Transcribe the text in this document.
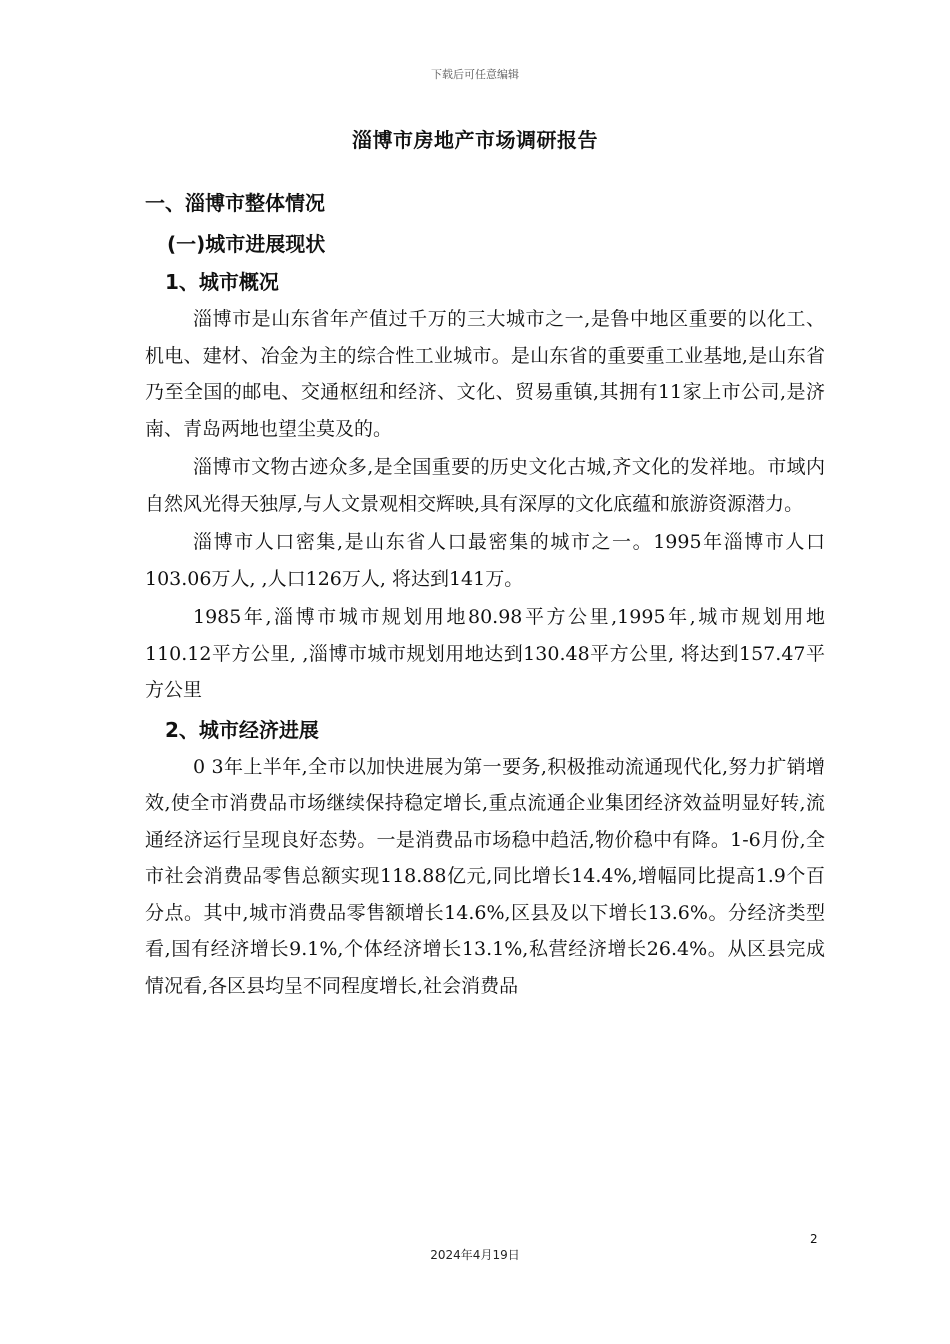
下载后可任意编辑
淄博市房地产市场调研报告
一、淄博市整体情况
(一)城市进展现状
1、城市概况

淄博市是山东省年产值过千万的三大城市之一,是鲁中地区重要的以化工、机电、建材、冶金为主的综合性工业城市。是山东省的重要重工业基地,是山东省乃至全国的邮电、交通枢纽和经济、文化、贸易重镇,其拥有11家上市公司,是济南、青岛两地也望尘莫及的。

淄博市文物古迹众多,是全国重要的历史文化古城,齐文化的发祥地。市域内自然风光得天独厚,与人文景观相交辉映,具有深厚的文化底蕴和旅游资源潜力。

淄博市人口密集,是山东省人口最密集的城市之一。1995年淄博市人口103.06万人, ,人口126万人, 将达到141万。

1985年,淄博市城市规划用地80.98平方公里,1995年,城市规划用地110.12平方公里, ,淄博市城市规划用地达到130.48平方公里, 将达到157.47平方公里

2、城市经济进展

0 3年上半年,全市以加快进展为第一要务,积极推动流通现代化,努力扩销增效,使全市消费品市场继续保持稳定增长,重点流通企业集团经济效益明显好转,流通经济运行呈现良好态势。一是消费品市场稳中趋活,物价稳中有降。1-6月份,全市社会消费品零售总额实现118.88亿元,同比增长14.4%,增幅同比提高1.9个百分点。其中,城市消费品零售额增长14.6%,区县及以下增长13.6%。分经济类型看,国有经济增长9.1%,个体经济增长13.1%,私营经济增长26.4%。从区县完成情况看,各区县均呈不同程度增长,社会消费品

2
2024年4月19日
